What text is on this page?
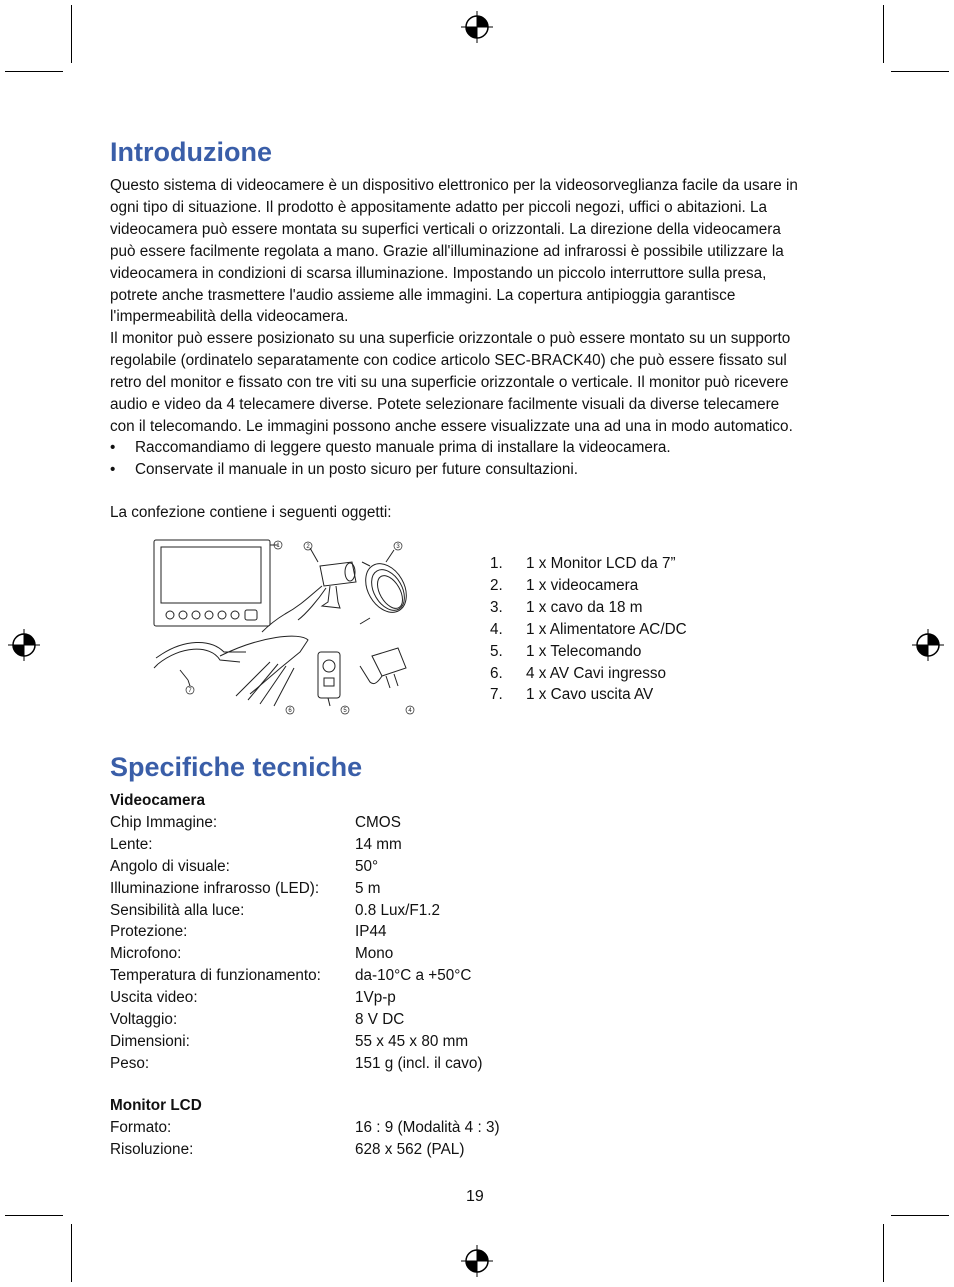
Introduzione
Questo sistema di videocamere è un dispositivo elettronico per la videosorveglianza facile da usare in
ogni tipo di situazione. Il prodotto è appositamente adatto per piccoli negozi, uffici o abitazioni. La
videocamera può essere montata su superfici verticali o orizzontali. La direzione della videocamera
può essere facilmente regolata a mano. Grazie all'illuminazione ad infrarossi è possibile utilizzare la
videocamera in condizioni di scarsa illuminazione. Impostando un piccolo interruttore sulla presa,
potrete anche trasmettere l'audio assieme alle immagini. La copertura antipioggia garantisce
l'impermeabilità della videocamera.
Il monitor può essere posizionato su una superficie orizzontale o può essere montato su un supporto
regolabile (ordinatelo separatamente con codice articolo SEC-BRACK40) che può essere fissato sul
retro del monitor e fissato con tre viti su una superficie orizzontale o verticale. Il monitor può ricevere
audio e video da 4 telecamere diverse. Potete selezionare facilmente visuali da diverse telecamere
con il telecomando. Le immagini possono anche essere visualizzate una ad una in modo automatico.
• Raccomandiamo di leggere questo manuale prima di installare la videocamera.
• Conservate il manuale in un posto sicuro per future consultazioni.
La confezione contiene i seguenti oggetti:
1	2	3
4
5
6
7
1. 1 x Monitor LCD da 7”
2. 1 x videocamera
3. 1 x cavo da 18 m
4. 1 x Alimentatore AC/DC
5. 1 x Telecomando
6. 4 x AV Cavi ingresso
7. 1 x Cavo uscita AV
Specifiche tecniche
Videocamera
Chip Immagine:	CMOS
Lente:	14 mm
Angolo di visuale:	50°
Illuminazione infrarosso (LED):	5 m
Sensibilità alla luce:	0.8 Lux/F1.2
Protezione:	IP44
Microfono:	Mono
Temperatura di funzionamento:	da-10°C a +50°C
Uscita video:	1Vp-p
Voltaggio:	8 V DC
Dimensioni:	55 x 45 x 80 mm
Peso:	151 g (incl. il cavo)
Monitor LCD
Formato:	16 : 9 (Modalità 4 : 3)
Risoluzione:	628 x 562 (PAL)
19
